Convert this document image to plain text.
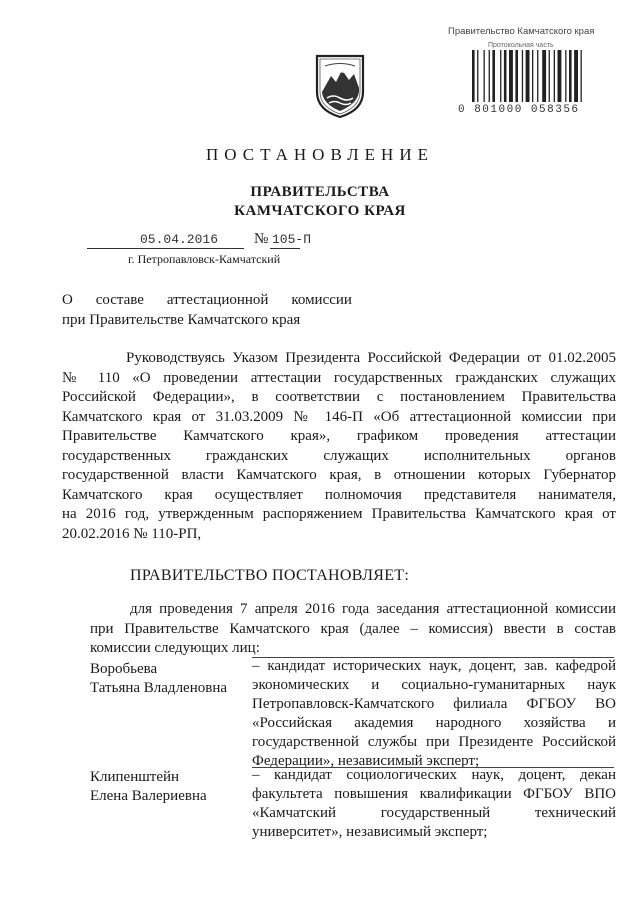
Правительство Камчатского края
Протокольная часть
0 801000 058356
ПОСТАНОВЛЕНИЕ
ПРАВИТЕЛЬСТВА
КАМЧАТСКОГО КРАЯ
05.04.2016 № 105-П
г. Петропавловск-Камчатский
О составе аттестационной комиссии
при Правительстве Камчатского края
Руководствуясь Указом Президента Российской Федерации от 01.02.2005
№ 110 «О проведении аттестации государственных гражданских служащих
Российской Федерации», в соответствии с постановлением Правительства
Камчатского края от 31.03.2009 № 146-П «Об аттестационной комиссии при
Правительстве Камчатского края», графиком проведения аттестации
государственных гражданских служащих исполнительных органов
государственной власти Камчатского края, в отношении которых Губернатор
Камчатского края осуществляет полномочия представителя нанимателя,
на 2016 год, утвержденным распоряжением Правительства Камчатского края от
20.02.2016 № 110-РП,
ПРАВИТЕЛЬСТВО ПОСТАНОВЛЯЕТ:
для проведения 7 апреля 2016 года заседания аттестационной комиссии
при Правительстве Камчатского края (далее – комиссия) ввести в состав
комиссии следующих лиц:
Воробьева
Татьяна Владленовна
– кандидат исторических наук, доцент, зав. кафедрой
экономических и социально-гуманитарных наук
Петропавловск-Камчатского филиала ФГБОУ ВО
«Российская академия народного хозяйства и
государственной службы при Президенте Российской
Федерации», независимый эксперт;
Клипенштейн
Елена Валериевна
– кандидат социологических наук, доцент, декан
факультета повышения квалификации ФГБОУ ВПО
«Камчатский государственный технический
университет», независимый эксперт;
